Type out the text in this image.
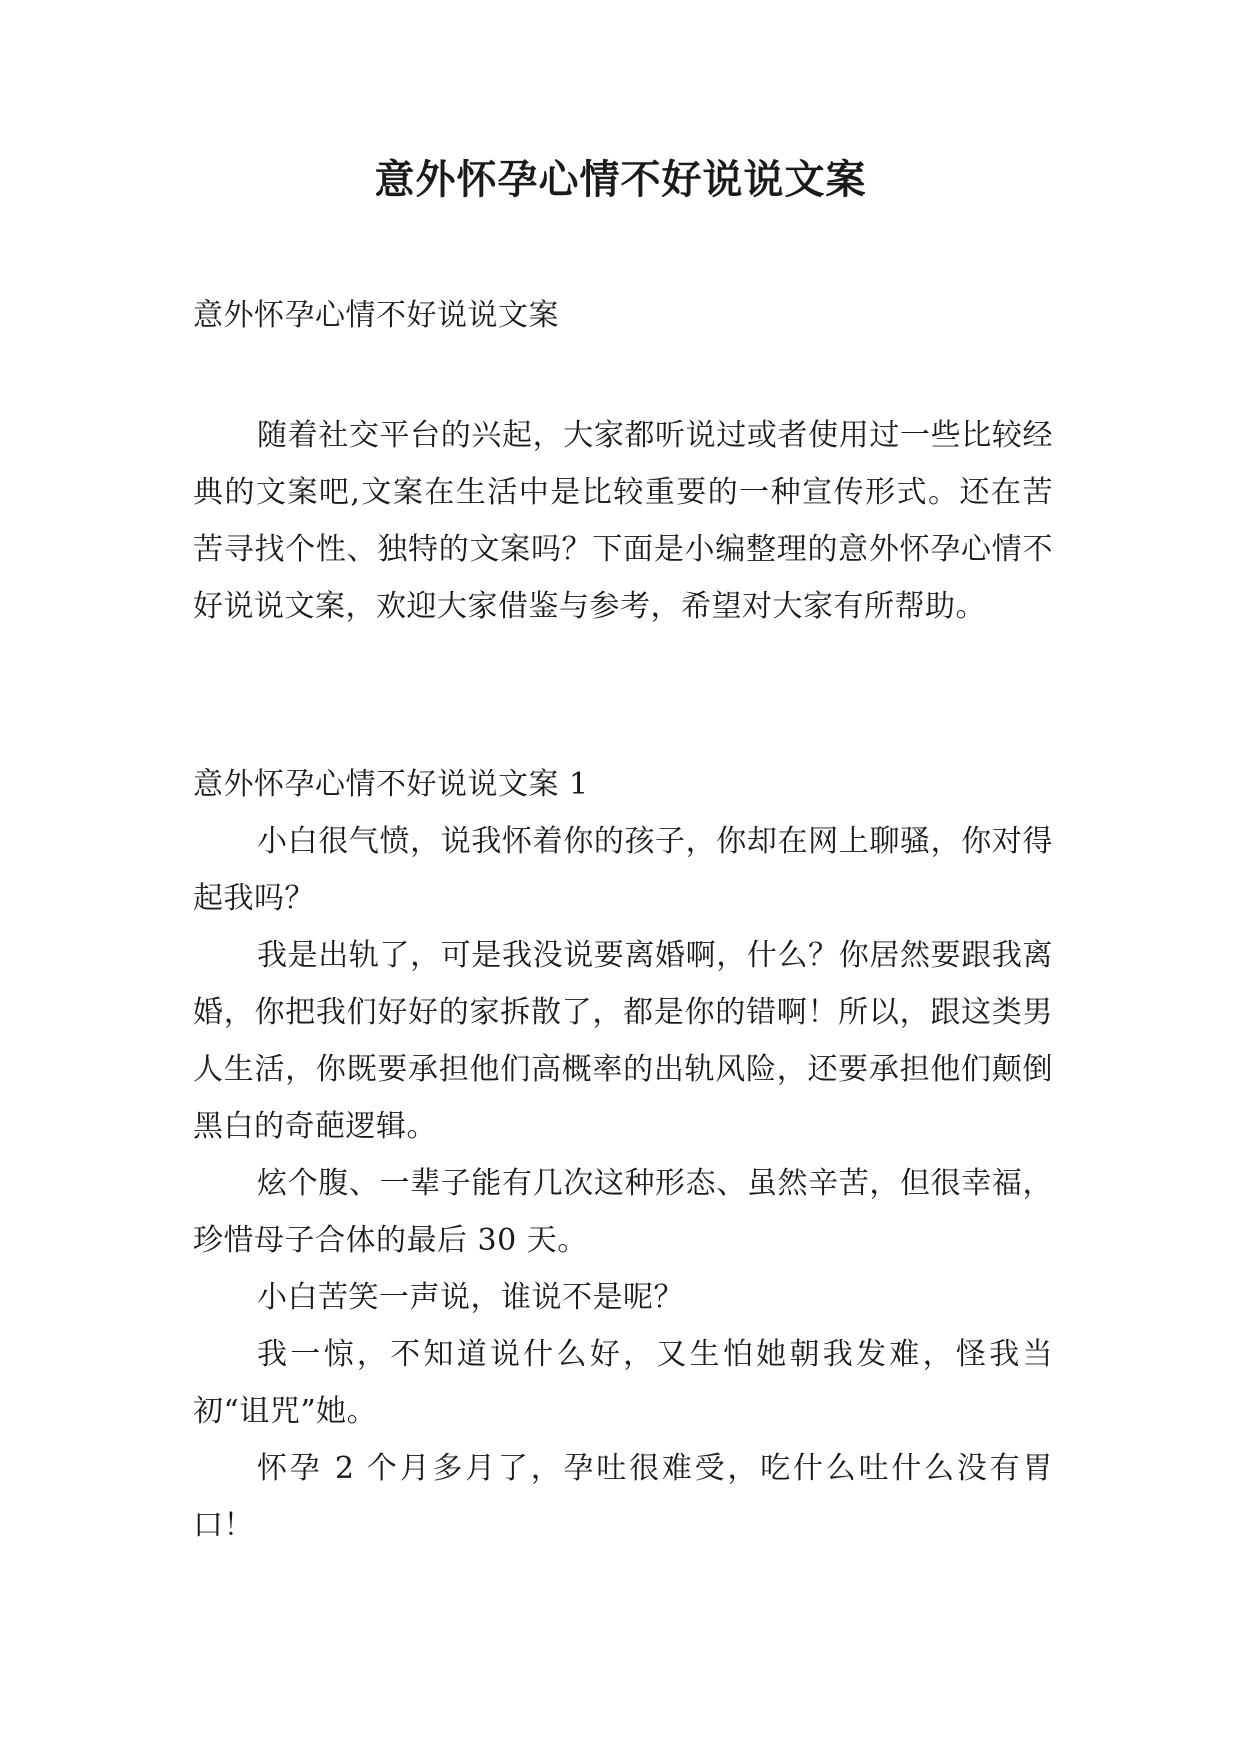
意外怀孕心情不好说说文案

意外怀孕心情不好说说文案

随着社交平台的兴起，大家都听说过或者使用过一些比较经典的文案吧,文案在生活中是比较重要的一种宣传形式。还在苦苦寻找个性、独特的文案吗？下面是小编整理的意外怀孕心情不好说说文案，欢迎大家借鉴与参考，希望对大家有所帮助。

意外怀孕心情不好说说文案 1

小白很气愤，说我怀着你的孩子，你却在网上聊骚，你对得起我吗？

我是出轨了，可是我没说要离婚啊，什么？你居然要跟我离婚，你把我们好好的家拆散了，都是你的错啊！所以，跟这类男人生活，你既要承担他们高概率的出轨风险，还要承担他们颠倒黑白的奇葩逻辑。

炫个腹、一辈子能有几次这种形态、虽然辛苦，但很幸福，珍惜母子合体的最后 30 天。

小白苦笑一声说，谁说不是呢？

我一惊，不知道说什么好，又生怕她朝我发难，怪我当初“诅咒”她。

怀孕 2 个月多月了，孕吐很难受，吃什么吐什么没有胃口！
